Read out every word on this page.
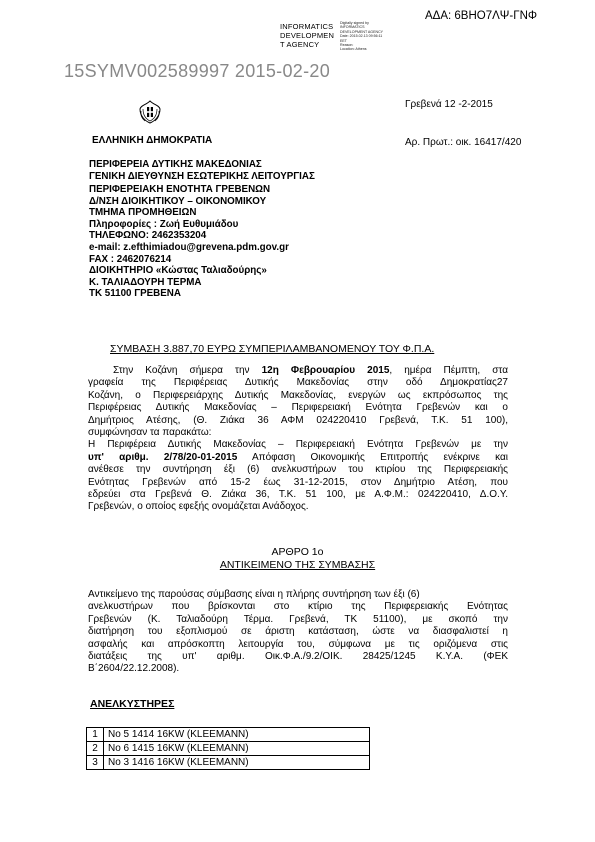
ΑΔΑ: 6ΒΗΟ7ΛΨ-ΓΝΦ
INFORMATICS
DEVELOPMEN
T AGENCY
Digitally signed by
INFORMATICS
DEVELOPMENT AGENCY
Date: 2015.02.13 09:56:11
EET
Reason:
Location: Athens
15SYMV002589997 2015-02-20
Γρεβενά 12 -2-2015
ΕΛΛΗΝΙΚΗ ΔΗΜΟΚΡΑΤΙΑ	Αρ. Πρωτ.: οικ. 16417/420
ΠΕΡΙΦΕΡΕΙΑ ΔΥΤΙΚΗΣ ΜΑΚΕΔΟΝΙΑΣ
ΓΕΝΙΚΗ ΔΙΕΥΘΥΝΣΗ ΕΣΩΤΕΡΙΚΗΣ ΛΕΙΤΟΥΡΓΙΑΣ
ΠΕΡΙΦΕΡΕΙΑΚΗ ΕΝΟΤΗΤΑ ΓΡΕΒΕΝΩΝ
Δ/ΝΣΗ ΔΙΟΙΚΗΤΙΚΟΥ – ΟΙΚΟΝΟΜΙΚΟΥ
ΤΜΗΜΑ ΠΡΟΜΗΘΕΙΩΝ
Πληροφορίες : Ζωή Ευθυμιάδου
ΤΗΛΕΦΩΝΟ: 2462353204
e-mail: z.efthimiadou@grevena.pdm.gov.gr
FAX : 2462076214
ΔΙΟΙΚΗΤΗΡΙΟ «Κώστας Ταλιαδούρης»
Κ. ΤΑΛΙΑΔΟΥΡΗ ΤΕΡΜΑ
ΤΚ 51100 ΓΡΕΒΕΝΑ
ΣΥΜΒΑΣΗ 3.887,70 ΕΥΡΩ ΣΥΜΠΕΡΙΛΑΜΒΑΝΟΜΕΝΟΥ ΤΟΥ Φ.Π.Α.
Στην Κοζάνη σήμερα την 12η Φεβρουαρίου 2015, ημέρα Πέμπτη, στα
γραφεία της Περιφέρειας Δυτικής Μακεδονίας στην οδό Δημοκρατίας27
Κοζάνη, ο Περιφερειάρχης Δυτικής Μακεδονίας, ενεργών ως εκπρόσωπος της
Περιφέρειας Δυτικής Μακεδονίας – Περιφερειακή Ενότητα Γρεβενών και ο
Δημήτριος Ατέσης, (Θ. Ζιάκα 36 ΑΦΜ 024220410 Γρεβενά, Τ.Κ. 51 100),
συμφώνησαν τα παρακάτω:
Η Περιφέρεια Δυτικής Μακεδονίας – Περιφερειακή Ενότητα Γρεβενών με την
υπ' αριθμ. 2/78/20-01-2015 Απόφαση Οικονομικής Επιτροπής ενέκρινε και
ανέθεσε την συντήρηση έξι (6) ανελκυστήρων του κτιρίου της Περιφερειακής
Ενότητας Γρεβενών από 15-2 έως 31-12-2015, στον Δημήτριο Ατέση, που
εδρεύει στα Γρεβενά Θ. Ζιάκα 36, Τ.Κ. 51 100, με Α.Φ.Μ.: 024220410, Δ.Ο.Υ.
Γρεβενών, ο οποίος εφεξής ονομάζεται Ανάδοχος.
ΑΡΘΡΟ 1ο
ΑΝΤΙΚΕΙΜΕΝΟ ΤΗΣ ΣΥΜΒΑΣΗΣ
Αντικείμενο της παρούσας σύμβασης είναι η πλήρης συντήρηση των έξι (6)
ανελκυστήρων που βρίσκονται στο κτίριο της Περιφερειακής Ενότητας
Γρεβενών (Κ. Ταλιαδούρη Τέρμα. Γρεβενά, ΤΚ 51100), με σκοπό την
διατήρηση του εξοπλισμού σε άριστη κατάσταση, ώστε να διασφαλιστεί η
ασφαλής και απρόσκοπτη λειτουργία του, σύμφωνα με τις οριζόμενα στις
διατάξεις της υπ' αριθμ. Οικ.Φ.Α./9.2/ΟΙΚ. 28425/1245 Κ.Υ.Α. (ΦΕΚ
Β΄2604/22.12.2008).
ΑΝΕΛΚΥΣΤΗΡΕΣ
1	Νο 5 1414 16KW (KLEEMANN)
2	Νο 6 1415 16KW (KLEEMANN)
3	Νο 3 1416 16KW (KLEEMANN)
